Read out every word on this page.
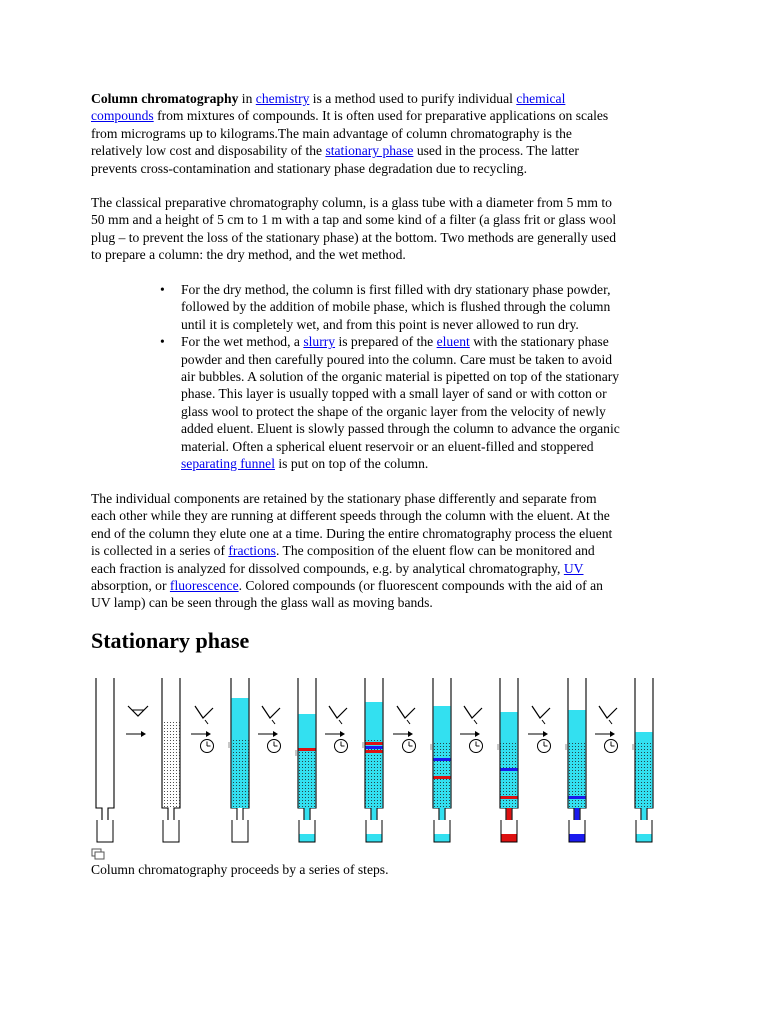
Column chromatography in chemistry is a method used to purify individual chemical
compounds from mixtures of compounds. It is often used for preparative applications on scales
from micrograms up to kilograms.The main advantage of column chromatography is the
relatively low cost and disposability of the stationary phase used in the process. The latter
prevents cross-contamination and stationary phase degradation due to recycling.

The classical preparative chromatography column, is a glass tube with a diameter from 5 mm to
50 mm and a height of 5 cm to 1 m with a tap and some kind of a filter (a glass frit or glass wool
plug – to prevent the loss of the stationary phase) at the bottom. Two methods are generally used
to prepare a column: the dry method, and the wet method.

• For the dry method, the column is first filled with dry stationary phase powder,
followed by the addition of mobile phase, which is flushed through the column
until it is completely wet, and from this point is never allowed to run dry.
• For the wet method, a slurry is prepared of the eluent with the stationary phase
powder and then carefully poured into the column. Care must be taken to avoid
air bubbles. A solution of the organic material is pipetted on top of the stationary
phase. This layer is usually topped with a small layer of sand or with cotton or
glass wool to protect the shape of the organic layer from the velocity of newly
added eluent. Eluent is slowly passed through the column to advance the organic
material. Often a spherical eluent reservoir or an eluent-filled and stoppered
separating funnel is put on top of the column.

The individual components are retained by the stationary phase differently and separate from
each other while they are running at different speeds through the column with the eluent. At the
end of the column they elute one at a time. During the entire chromatography process the eluent
is collected in a series of fractions. The composition of the eluent flow can be monitored and
each fraction is analyzed for dissolved compounds, e.g. by analytical chromatography, UV
absorption, or fluorescence. Colored compounds (or fluorescent compounds with the aid of an
UV lamp) can be seen through the glass wall as moving bands.

Stationary phase

Column chromatography proceeds by a series of steps.
